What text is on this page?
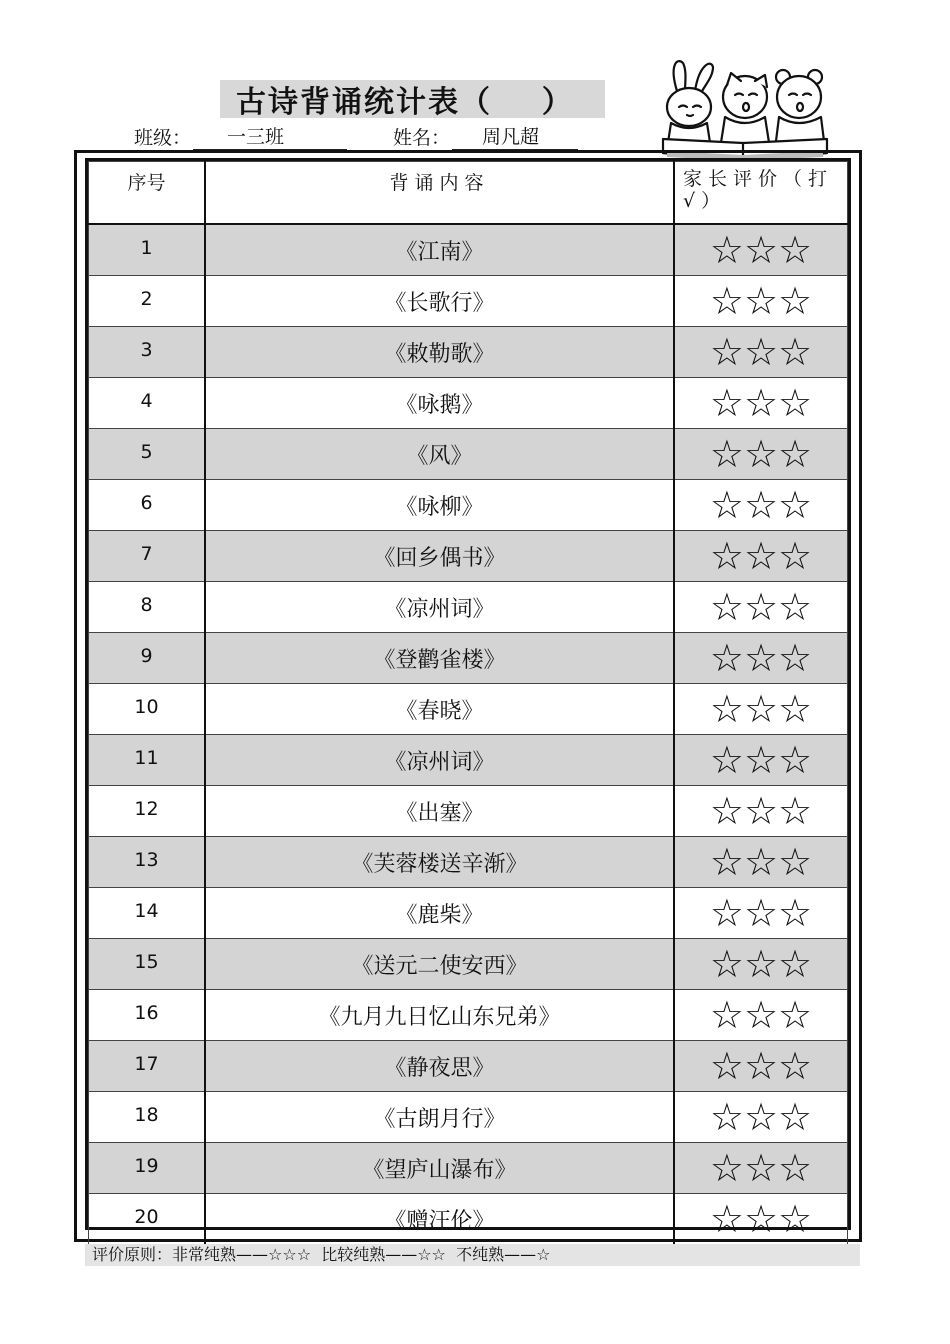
古诗背诵统计表（    ）
班级：	一三班	姓名：	周凡超
序号	背诵内容	家长评价（打√）
1	《江南》	☆☆☆
2	《长歌行》	☆☆☆
3	《敕勒歌》	☆☆☆
4	《咏鹅》	☆☆☆
5	《风》	☆☆☆
6	《咏柳》	☆☆☆
7	《回乡偶书》	☆☆☆
8	《凉州词》	☆☆☆
9	《登鹳雀楼》	☆☆☆
10	《春晓》	☆☆☆
11	《凉州词》	☆☆☆
12	《出塞》	☆☆☆
13	《芙蓉楼送辛渐》	☆☆☆
14	《鹿柴》	☆☆☆
15	《送元二使安西》	☆☆☆
16	《九月九日忆山东兄弟》	☆☆☆
17	《静夜思》	☆☆☆
18	《古朗月行》	☆☆☆
19	《望庐山瀑布》	☆☆☆
20	《赠汪伦》	☆☆☆
评价原则：非常纯熟——☆☆☆  比较纯熟——☆☆  不纯熟——☆
